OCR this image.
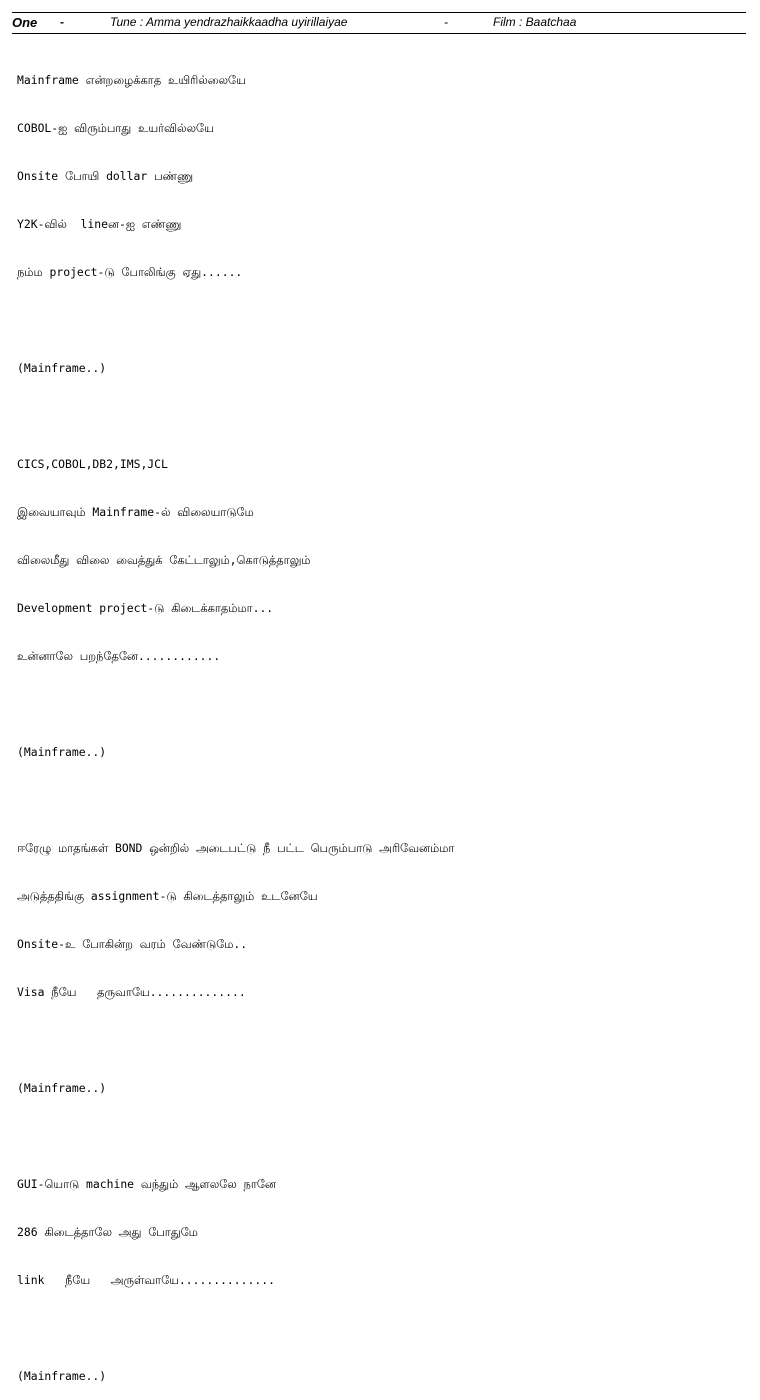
One -	Tune : Amma yendrazhaikkaadha uyirillaiyae	-	Film : Baatchaa

Mainframe என்றழைக்காத உயிரில்லையே

COBOL-ஐ விரும்பாது உயர்வில்லயே

Onsite போயி dollar பண்ணு

Y2K-வில்  lineன-ஐ எண்ணு

நம்ம project-டு போலிங்கு ஏது......

(Mainframe..)

CICS,COBOL,DB2,IMS,JCL

இவையாவும் Mainframe-ல் விலையாடுமே

விலைமீது விலை வைத்துக் கேட்டாலும்,கொடுத்தாலும்

Development project-டு கிடைக்காதம்மா...

உன்னாலே பறந்தேனே............

(Mainframe..)

ஈரேழு மாதங்கள் BOND ஒன்றில் அடைபட்டு நீ பட்ட பெரும்பாடு அரிவேனம்மா

அடுத்ததிங்கு assignment-டு கிடைத்தாலும் உடனேயே

Onsite-உ போகின்ற வரம் வேண்டுமே..

Visa நீயே   தருவாயே..............

(Mainframe..)

GUI-யொடு machine வந்தும் ஆளலலே நானே

286 கிடைத்தாலே அது போதுமே

link   நீயே   அருள்வாயே..............

(Mainframe..)
